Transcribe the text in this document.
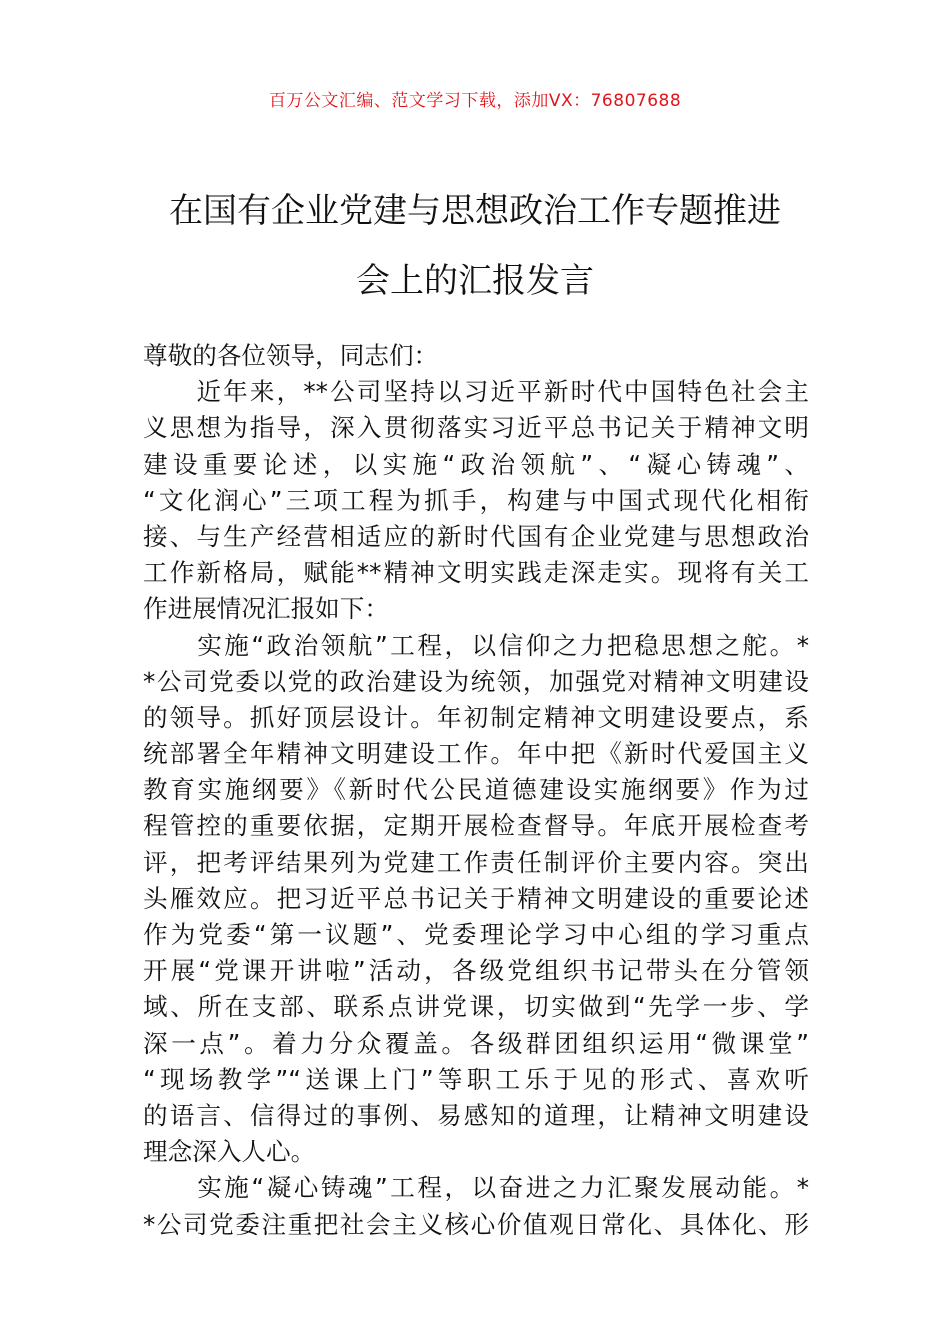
百万公文汇编、范文学习下载，添加VX：76807688
在国有企业党建与思想政治工作专题推进
会上的汇报发言
尊敬的各位领导，同志们：
　　近年来，**公司坚持以习近平新时代中国特色社会主
义思想为指导，深入贯彻落实习近平总书记关于精神文明
建设重要论述，以实施“政治领航”、“凝心铸魂”、
“文化润心”三项工程为抓手，构建与中国式现代化相衔
接、与生产经营相适应的新时代国有企业党建与思想政治
工作新格局，赋能**精神文明实践走深走实。现将有关工
作进展情况汇报如下：
　　实施“政治领航”工程，以信仰之力把稳思想之舵。*
*公司党委以党的政治建设为统领，加强党对精神文明建设
的领导。抓好顶层设计。年初制定精神文明建设要点，系
统部署全年精神文明建设工作。年中把《新时代爱国主义
教育实施纲要》《新时代公民道德建设实施纲要》作为过
程管控的重要依据，定期开展检查督导。年底开展检查考
评，把考评结果列为党建工作责任制评价主要内容。突出
头雁效应。把习近平总书记关于精神文明建设的重要论述
作为党委“第一议题”、党委理论学习中心组的学习重点
开展“党课开讲啦”活动，各级党组织书记带头在分管领
域、所在支部、联系点讲党课，切实做到“先学一步、学
深一点”。着力分众覆盖。各级群团组织运用“微课堂”
“现场教学”“送课上门”等职工乐于见的形式、喜欢听
的语言、信得过的事例、易感知的道理，让精神文明建设
理念深入人心。
　　实施“凝心铸魂”工程，以奋进之力汇聚发展动能。*
*公司党委注重把社会主义核心价值观日常化、具体化、形
